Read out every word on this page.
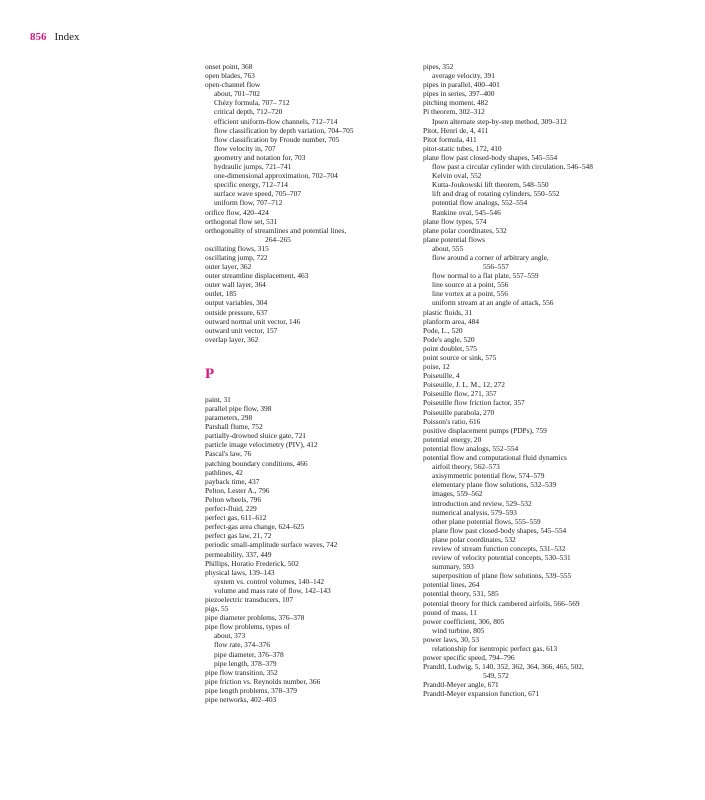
856 Index
onset point, 368
open blades, 763
open-channel flow
about, 701–702
Chézy formula, 707– 712
critical depth, 712–720
efficient uniform-flow channels, 712–714
flow classification by depth variation, 704–705
flow classification by Froude number, 705
flow velocity in, 707
geometry and notation for, 703
hydraulic jumps, 721–741
one-dimensional approximation, 702–704
specific energy, 712–714
surface wave speed, 705–707
uniform flow, 707–712
orifice flow, 420–424
orthogonal flow set, 531
orthogonality of streamlines and potential lines,
264–265
oscillating flows, 315
oscillating jump, 722
outer layer, 362
outer streamline displacement, 463
outer wall layer, 364
outlet, 185
output variables, 304
outside pressure, 637
outward normal unit vector, 146
outward unit vector, 157
overlap layer, 362
P
paint, 31
parallel pipe flow, 398
parameters, 298
Parshall flume, 752
partially-drowned sluice gate, 721
particle image velocimetry (PIV), 412
Pascal's law, 76
patching boundary conditions, 466
pathlines, 42
payback time, 437
Pelton, Lester A., 796
Pelton wheels, 796
perfect-fluid, 229
perfect gas, 611–612
perfect-gas area change, 624–625
perfect gas law, 21, 72
periodic small-amplitude surface waves, 742
permeability, 337, 449
Phillips, Horatio Frederick, 502
physical laws, 139–143
system vs. control volumes, 140–142
volume and mass rate of flow, 142–143
piezoelectric transducers, 107
pigs, 55
pipe diameter problems, 376–378
pipe flow problems, types of
about, 373
flow rate, 374–376
pipe diameter, 376–378
pipe length, 378–379
pipe flow transition, 352
pipe friction vs. Reynolds number, 366
pipe length problems, 378–379
pipe networks, 402–403
pipes, 352
average velocity, 391
pipes in parallel, 400–401
pipes in series, 397–400
pitching moment, 482
Pi theorem, 302–312
Ipsen alternate step-by-step method, 309–312
Pitot, Henri de, 4, 411
Pitot formula, 411
pitot-static tubes, 172, 410
plane flow past closed-body shapes, 545–554
flow past a circular cylinder with circulation, 546–548
Kelvin oval, 552
Kutta-Joukowski lift theorem, 548–550
lift and drag of rotating cylinders, 550–552
potential flow analogs, 552–554
Rankine oval, 545–546
plane flow types, 574
plane polar coordinates, 532
plane potential flows
about, 555
flow around a corner of arbitrary angle,
556–557
flow normal to a flat plate, 557–559
line source at a point, 556
line vortex at a point, 556
uniform stream at an angle of attack, 556
plastic fluids, 31
planform area, 484
Pode, L., 520
Pode's angle, 520
point doublet, 575
point source or sink, 575
poise, 12
Poiseuille, 4
Poiseuille, J. L. M., 12, 272
Poiseuille flow, 271, 357
Poiseuille flow friction factor, 357
Poiseuille parabola, 270
Poisson's ratio, 616
positive displacement pumps (PDPs), 759
potential energy, 20
potential flow analogs, 552–554
potential flow and computational fluid dynamics
airfoil theory, 562–573
axisymmetric potential flow, 574–579
elementary plane flow solutions, 532–539
images, 559–562
introduction and review, 529–532
numerical analysis, 579–593
other plane potential flows, 555–559
plane flow past closed-body shapes, 545–554
plane polar coordinates, 532
review of stream function concepts, 531–532
review of velocity potential concepts, 530–531
summary, 593
superposition of plane flow solutions, 539–555
potential lines, 264
potential theory, 531, 585
potential theory for thick cambered airfoils, 566–569
pound of mass, 11
power coefficient, 306, 805
wind turbine, 805
power laws, 30, 53
relationship for isentropic perfect gas, 613
power specific speed, 794–796
Prandtl, Ludwig, 5, 140, 352, 362, 364, 366, 465, 502,
549, 572
Prandtl-Meyer angle, 671
Prandtl-Meyer expansion function, 671
